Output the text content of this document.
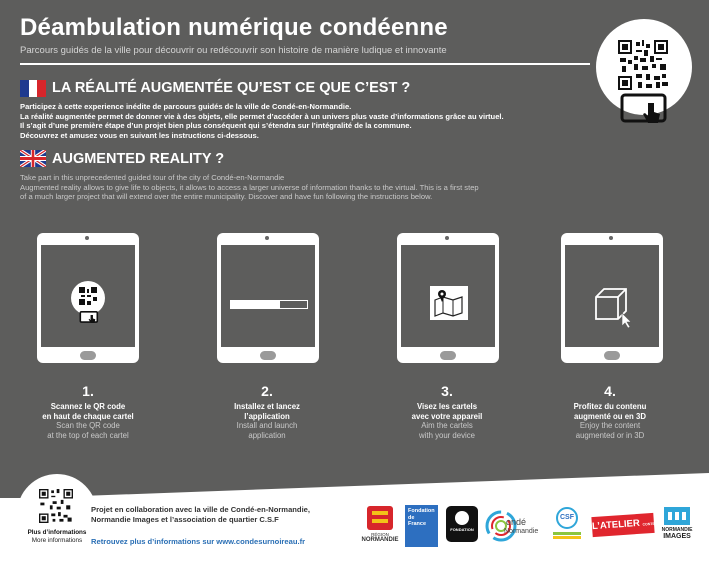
Déambulation numérique condéenne
Parcours guidés de la ville pour découvrir ou redécouvrir son histoire de manière ludique et innovante
LA RÉALITÉ AUGMENTÉE QU’EST CE QUE C’EST ?
Participez à cette experience inédite de parcours guidés de la ville de Condé-en-Normandie.
La réalité augmentée permet de donner vie à des objets, elle permet d’accéder à un univers plus vaste d’informations grâce au virtuel.
Il s’agit d’une première étape d’un projet bien plus conséquent qui s’étendra sur l’intégralité de la commune.
Découvrez et amusez vous en suivant les instructions ci-dessous.
AUGMENTED REALITY ?
Take part in this unprecedented guided tour of the city of Condé-en-Normandie
Augmented reality allows to give life to objects, it allows to access a larger universe of information thanks to the virtual. This is a first step
of a much larger project that will extend over the entire municipality. Discover and have fun following the instructions below.
1.
Scannez le QR code
en haut de chaque cartel
Scan the QR code
at the top of each cartel
2.
Installez et lancez
l’application
Install and launch
application
3.
Visez les cartels
avec votre appareil
Aim the cartels
with your device
4.
Profitez du contenu
augmenté ou en 3D
Enjoy the content
augmented or in 3D
Plus d’informations
More informations
Projet en collaboration avec la ville de Condé-en-Normandie,
Normandie Images et l’association de quartier C.S.F
Retrouvez plus d’informations sur www.condesurnoireau.fr
RÉGION
NORMANDIE
Fondation
de
France
FONDATION
ondé
Normandie
CSF
L’ATELIER CONTE
NORMANDIE
IMAGES
